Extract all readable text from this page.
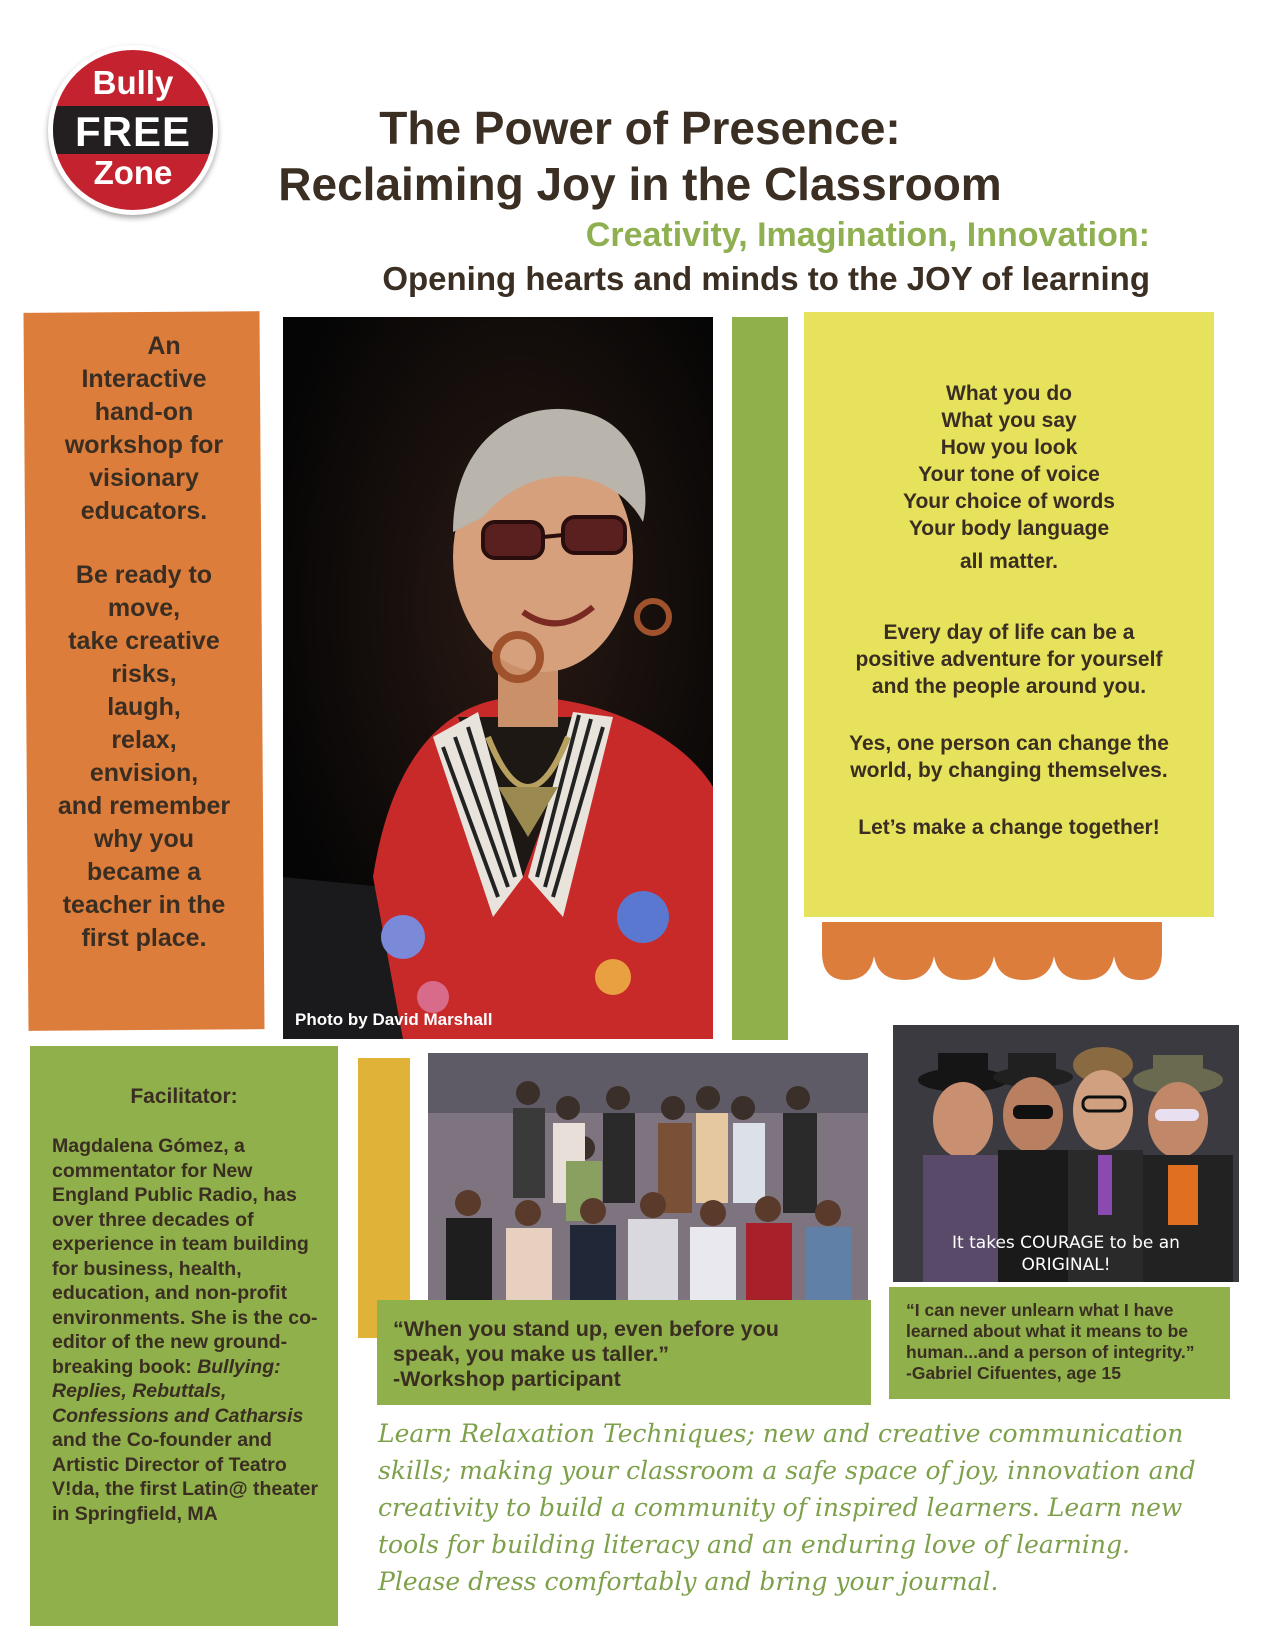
Bully
FREE
Zone
The Power of Presence:
Reclaiming Joy in the Classroom
Creativity, Imagination, Innovation:
Opening hearts and minds to the JOY of learning
An
Interactive
hand-on
workshop for
visionary
educators.
Be ready to
move,
take creative
risks,
laugh,
relax,
envision,
and remember
why you
became a
teacher in the
first place.
Photo by David Marshall
What you do
What you say
How you look
Your tone of voice
Your choice of words
Your body language
all matter.
Every day of life can be a
positive adventure for yourself
and the people around you.
Yes, one person can change the
world, by changing themselves.
Let’s make a change together!
Facilitator:
Magdalena Gómez, a commentator for New England Public Radio, has over three decades of experience in team building for business, health, education, and non-profit environments. She is the co-editor of the new ground-breaking book: Bullying: Replies, Rebuttals, Confessions and Catharsis and the Co-founder and Artistic Director of Teatro V!da, the first Latin@ theater in Springfield, MA
“When you stand up, even before you
speak, you make us taller.”
-Workshop participant
It takes COURAGE to be an
ORIGINAL!
“I can never unlearn what I have
learned about what it means to be
human...and a person of integrity.”
-Gabriel Cifuentes, age 15
Learn Relaxation Techniques; new and creative communication skills; making your classroom a safe space of joy, innovation and creativity to build a community of inspired learners. Learn new tools for building literacy and an enduring love of learning. Please dress comfortably and bring your journal.
